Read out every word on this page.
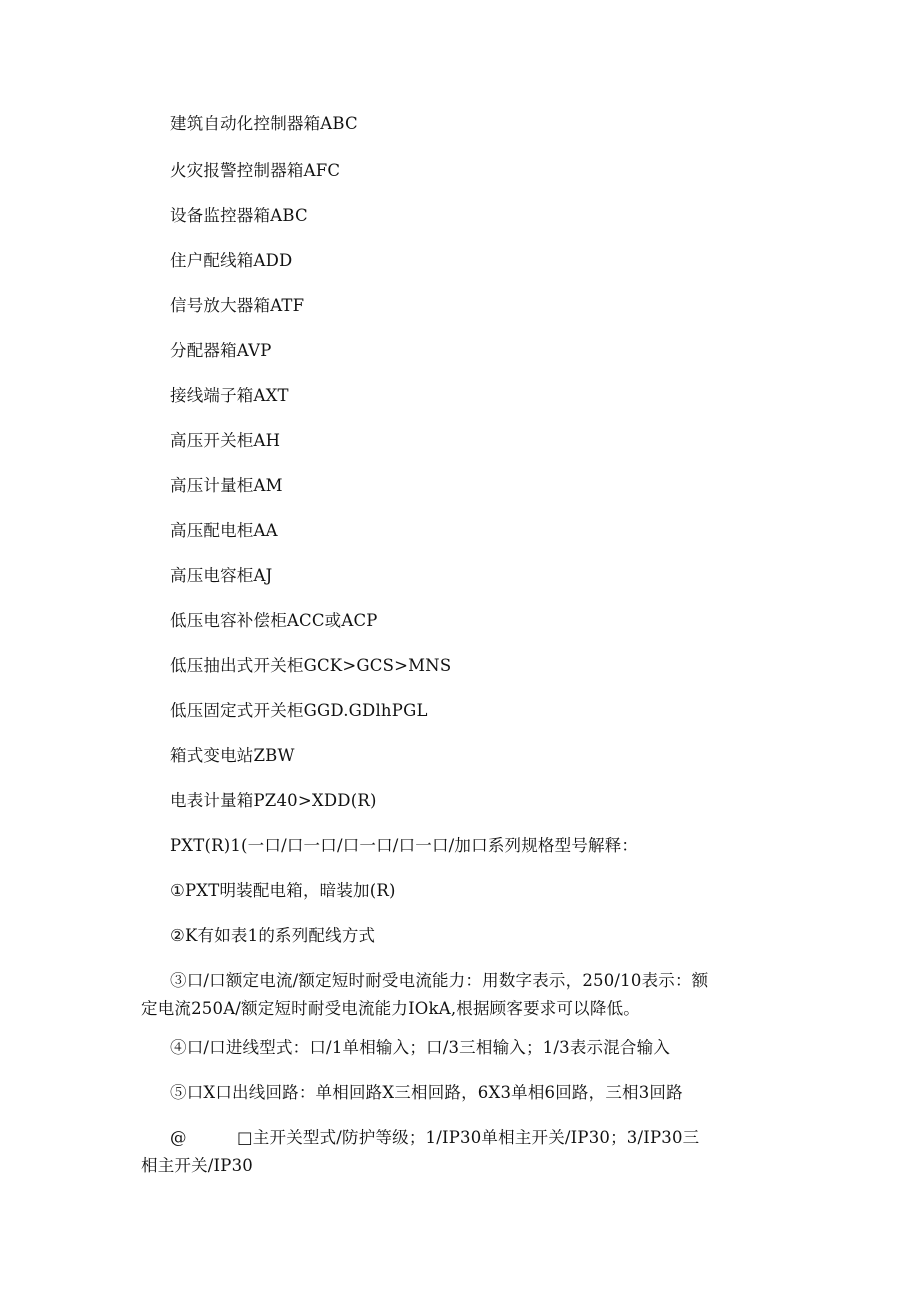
建筑自动化控制器箱ABC
火灾报警控制器箱AFC
设备监控器箱ABC
住户配线箱ADD
信号放大器箱ATF
分配器箱AVP
接线端子箱AXT
高压开关柜AH
高压计量柜AM
高压配电柜AA
高压电容柜AJ
低压电容补偿柜ACC或ACP
低压抽出式开关柜GCK>GCS>MNS
低压固定式开关柜GGD.GDlhPGL
箱式变电站ZBW
电表计量箱PZ40>XDD(R)
PXT(R)1(一口/口一口/口一口/口一口/加口系列规格型号解释：
①PXT明装配电箱，暗装加(R)
②K有如表1的系列配线方式
③口/口额定电流/额定短时耐受电流能力：用数字表示，250/10表示：额
定电流250A/额定短时耐受电流能力IOkA,根据顾客要求可以降低。
④口/口进线型式：口/1单相输入；口/3三相输入；1/3表示混合输入
⑤口X口出线回路：单相回路X三相回路，6X3单相6回路，三相3回路
@	□主开关型式/防护等级；1/IP30单相主开关/IP30；3/IP30三
相主开关/IP30
